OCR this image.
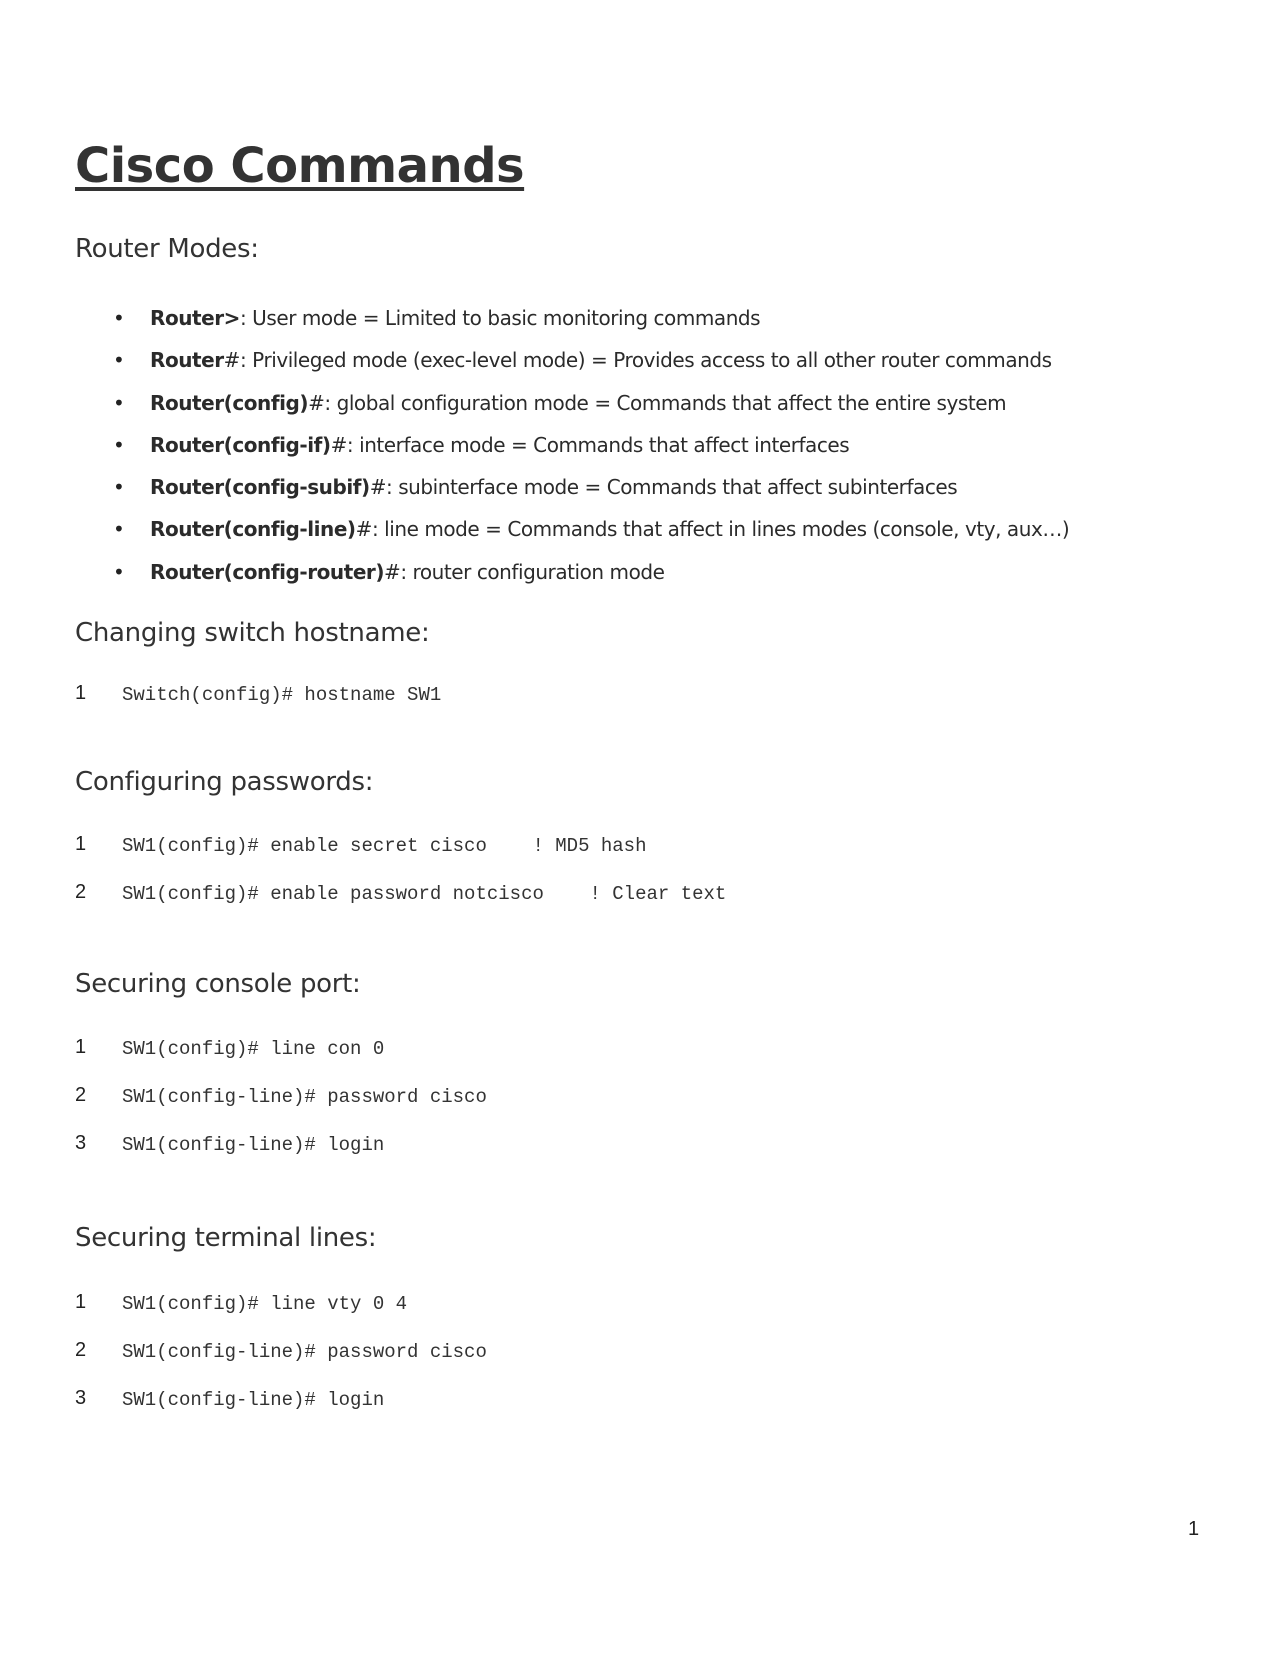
Cisco Commands
Router Modes:
• Router>: User mode = Limited to basic monitoring commands
• Router#: Privileged mode (exec-level mode) = Provides access to all other router commands
• Router(config)#: global configuration mode = Commands that affect the entire system
• Router(config-if)#: interface mode = Commands that affect interfaces
• Router(config-subif)#: subinterface mode = Commands that affect subinterfaces
• Router(config-line)#: line mode = Commands that affect in lines modes (console, vty, aux…)
• Router(config-router)#: router configuration mode
Changing switch hostname:
1 Switch(config)# hostname SW1
Configuring passwords:
1 SW1(config)# enable secret cisco    ! MD5 hash
2 SW1(config)# enable password notcisco    ! Clear text
Securing console port:
1 SW1(config)# line con 0
2 SW1(config-line)# password cisco
3 SW1(config-line)# login
Securing terminal lines:
1 SW1(config)# line vty 0 4
2 SW1(config-line)# password cisco
3 SW1(config-line)# login
1
